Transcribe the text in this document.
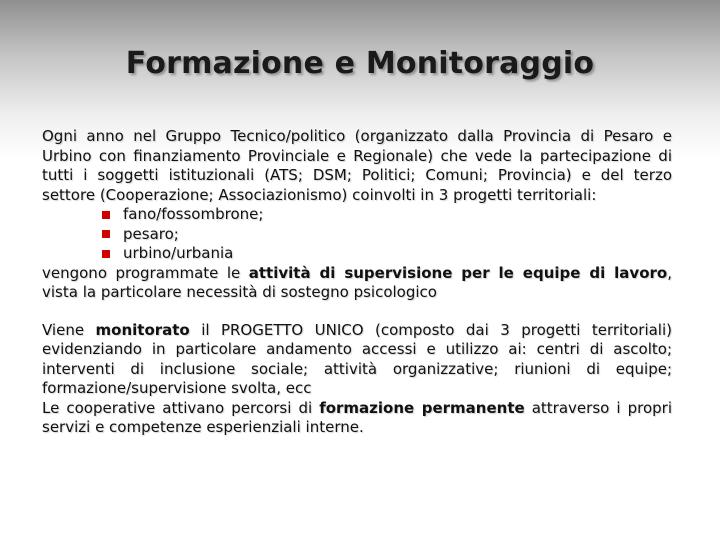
Formazione e Monitoraggio

Ogni anno nel Gruppo Tecnico/politico (organizzato dalla Provincia di Pesaro e Urbino con finanziamento Provinciale e Regionale) che vede la partecipazione di tutti i soggetti istituzionali (ATS; DSM; Politici; Comuni; Provincia) e del terzo settore (Cooperazione; Associazionismo) coinvolti in 3 progetti territoriali:

fano/fossombrone;
pesaro;
urbino/urbania

vengono programmate le attività di supervisione per le equipe di lavoro, vista la particolare necessità di sostegno psicologico

Viene monitorato il PROGETTO UNICO (composto dai 3 progetti territoriali) evidenziando in particolare andamento accessi e utilizzo ai: centri di ascolto; interventi di inclusione sociale; attività organizzative; riunioni di equipe; formazione/supervisione svolta, ecc

Le cooperative attivano percorsi di formazione permanente attraverso i propri servizi e competenze esperienziali interne.
